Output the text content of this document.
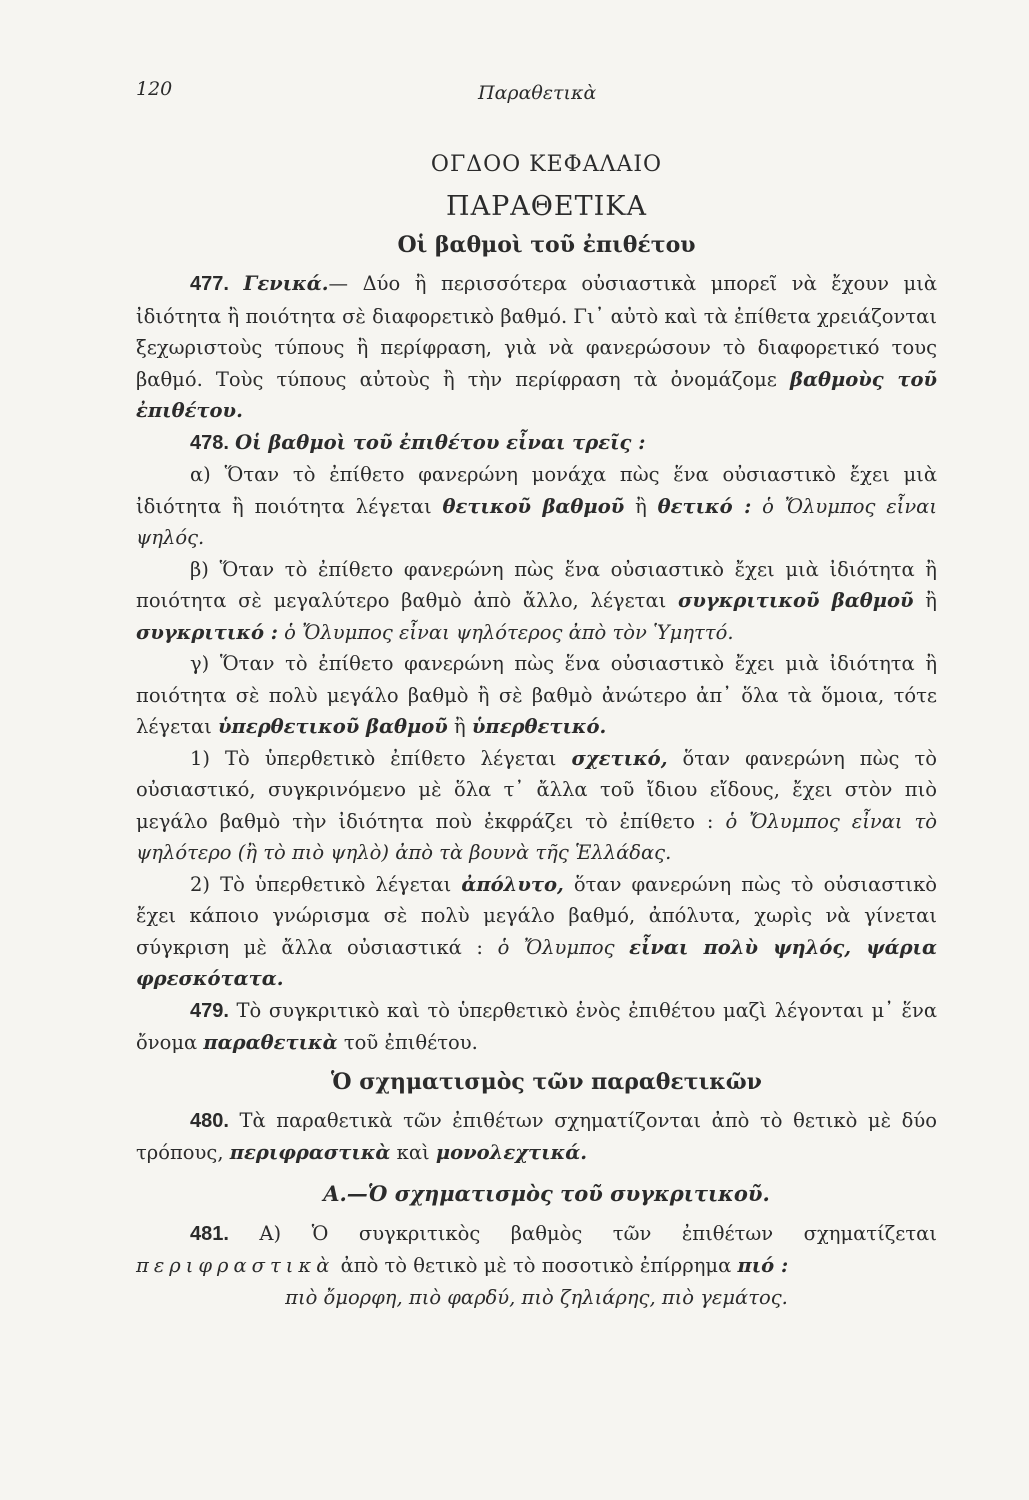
120	Παραθετικὰ
ΟΓΔΟΟ ΚΕΦΑΛΑΙΟ
ΠΑΡΑΘΕΤΙΚΑ
Οἱ βαθμοὶ τοῦ ἐπιθέτου

477. Γενικά.— Δύο ἢ περισσότερα οὐσιαστικὰ μπορεῖ νὰ ἔχουν μιὰ ἰδιότητα ἢ ποιότητα σὲ διαφορετικὸ βαθμό. Γι᾿ αὐτὸ καὶ τὰ ἐπίθετα χρειάζονται ξεχωριστοὺς τύπους ἢ περίφραση, γιὰ νὰ φανερώσουν τὸ διαφορετικό τους βαθμό. Τοὺς τύπους αὐτοὺς ἢ τὴν περίφραση τὰ ὀνομάζομε βαθμοὺς τοῦ ἐπιθέτου.

478. Οἱ βαθμοὶ τοῦ ἐπιθέτου εἶναι τρεῖς :

α) Ὅταν τὸ ἐπίθετο φανερώνη μονάχα πὼς ἕνα οὐσιαστικὸ ἔχει μιὰ ἰδιότητα ἢ ποιότητα λέγεται θετικοῦ βαθμοῦ ἢ θετικό : ὁ Ὄλυμπος εἶναι ψηλός.

β) Ὅταν τὸ ἐπίθετο φανερώνη πὼς ἕνα οὐσιαστικὸ ἔχει μιὰ ἰδιότητα ἢ ποιότητα σὲ μεγαλύτερο βαθμὸ ἀπὸ ἄλλο, λέγεται συγκριτικοῦ βαθμοῦ ἢ συγκριτικό : ὁ Ὄλυμπος εἶναι ψηλότερος ἀπὸ τὸν Ὑμηττό.

γ) Ὅταν τὸ ἐπίθετο φανερώνη πὼς ἕνα οὐσιαστικὸ ἔχει μιὰ ἰδιότητα ἢ ποιότητα σὲ πολὺ μεγάλο βαθμὸ ἢ σὲ βαθμὸ ἀνώτερο ἀπ᾿ ὅλα τὰ ὅμοια, τότε λέγεται ὑπερθετικοῦ βαθμοῦ ἢ ὑπερθετικό.

1) Τὸ ὑπερθετικὸ ἐπίθετο λέγεται σχετικό, ὅταν φανερώνη πὼς τὸ οὐσιαστικό, συγκρινόμενο μὲ ὅλα τ᾿ ἄλλα τοῦ ἴδιου εἴδους, ἔχει στὸν πιὸ μεγάλο βαθμὸ τὴν ἰδιότητα ποὺ ἐκφράζει τὸ ἐπίθετο : ὁ Ὄλυμπος εἶναι τὸ ψηλότερο (ἢ τὸ πιὸ ψηλὸ) ἀπὸ τὰ βουνὰ τῆς Ἑλλάδας.

2) Τὸ ὑπερθετικὸ λέγεται ἀπόλυτο, ὅταν φανερώνη πὼς τὸ οὐσιαστικὸ ἔχει κάποιο γνώρισμα σὲ πολὺ μεγάλο βαθμό, ἀπόλυτα, χωρὶς νὰ γίνεται σύγκριση μὲ ἄλλα οὐσιαστικά : ὁ Ὄλυμπος εἶναι πολὺ ψηλός, ψάρια φρεσκότατα.

479. Τὸ συγκριτικὸ καὶ τὸ ὑπερθετικὸ ἑνὸς ἐπιθέτου μαζὶ λέγονται μ᾿ ἕνα ὄνομα παραθετικὰ τοῦ ἐπιθέτου.

Ὁ σχηματισμὸς τῶν παραθετικῶν

480. Τὰ παραθετικὰ τῶν ἐπιθέτων σχηματίζονται ἀπὸ τὸ θετικὸ μὲ δύο τρόπους, περιφραστικὰ καὶ μονολεχτικά.

Α.—Ὁ σχηματισμὸς τοῦ συγκριτικοῦ.

481. Α) Ὁ συγκριτικὸς βαθμὸς τῶν ἐπιθέτων σχηματίζεται περιφραστικὰ ἀπὸ τὸ θετικὸ μὲ τὸ ποσοτικὸ ἐπίρρημα πιό :

πιὸ ὄμορφη, πιὸ φαρδύ, πιὸ ζηλιάρης, πιὸ γεμάτος.
